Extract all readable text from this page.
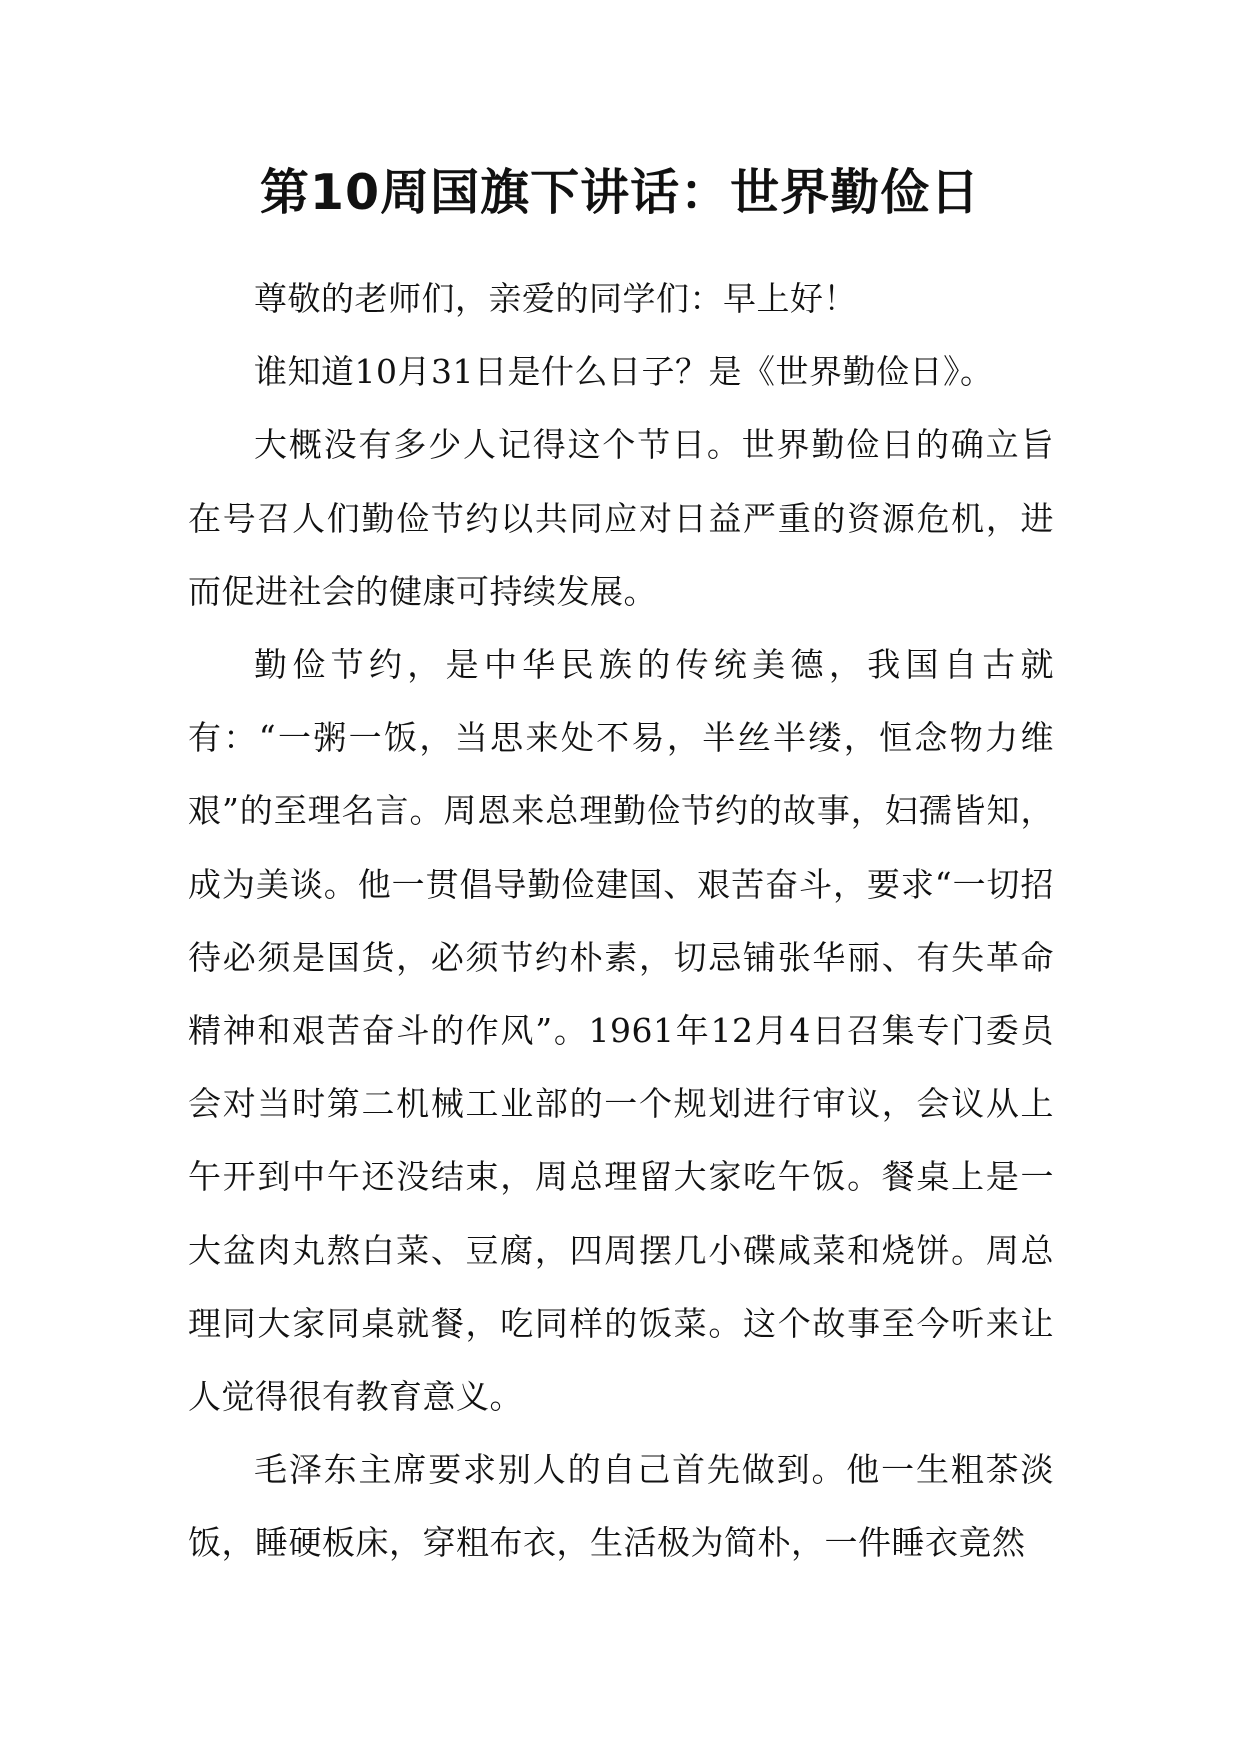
第10周国旗下讲话：世界勤俭日

尊敬的老师们，亲爱的同学们：早上好！

谁知道10月31日是什么日子？是《世界勤俭日》。

大概没有多少人记得这个节日。世界勤俭日的确立旨在号召人们勤俭节约以共同应对日益严重的资源危机，进而促进社会的健康可持续发展。

勤俭节约，是中华民族的传统美德，我国自古就有：“一粥一饭，当思来处不易，半丝半缕，恒念物力维艰”的至理名言。周恩来总理勤俭节约的故事，妇孺皆知，成为美谈。他一贯倡导勤俭建国、艰苦奋斗，要求“一切招待必须是国货，必须节约朴素，切忌铺张华丽、有失革命精神和艰苦奋斗的作风”。1961年12月4日召集专门委员会对当时第二机械工业部的一个规划进行审议，会议从上午开到中午还没结束，周总理留大家吃午饭。餐桌上是一大盆肉丸熬白菜、豆腐，四周摆几小碟咸菜和烧饼。周总理同大家同桌就餐，吃同样的饭菜。这个故事至今听来让人觉得很有教育意义。

毛泽东主席要求别人的自己首先做到。他一生粗茶淡饭，睡硬板床，穿粗布衣，生活极为简朴，一件睡衣竟然
